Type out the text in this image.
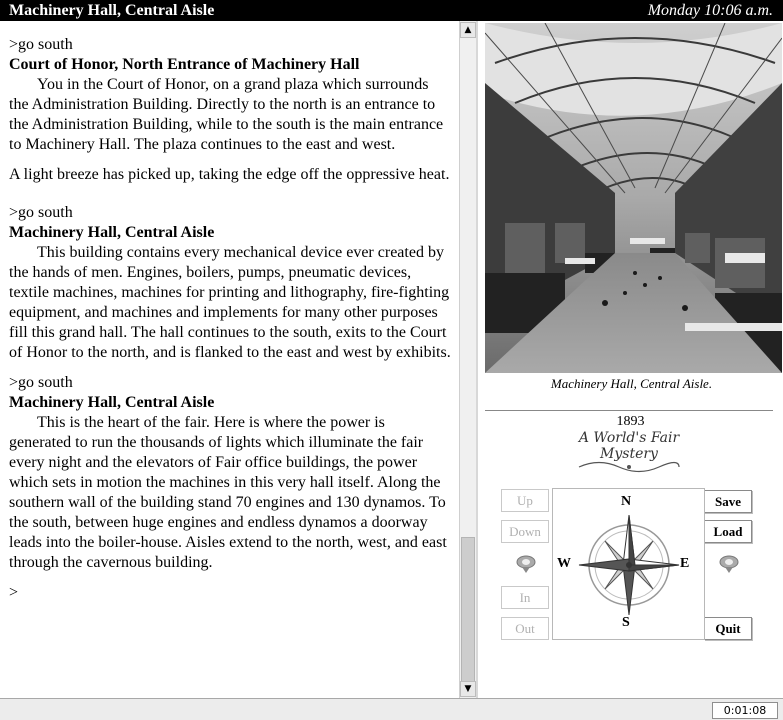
Machinery Hall, Central Aisle	Monday 10:06 a.m.
>go south
Court of Honor, North Entrance of Machinery Hall
You in the Court of Honor, on a grand plaza which surrounds the Administration Building. Directly to the north is an entrance to the Administration Building, while to the south is the main entrance to Machinery Hall. The plaza continues to the east and west.
A light breeze has picked up, taking the edge off the oppressive heat.
>go south
Machinery Hall, Central Aisle
This building contains every mechanical device ever created by the hands of men. Engines, boilers, pumps, pneumatic devices, textile machines, machines for printing and lithography, fire-fighting equipment, and machines and implements for many other purposes fill this grand hall. The hall continues to the south, exits to the Court of Honor to the north, and is flanked to the east and west by exhibits.
>go south
Machinery Hall, Central Aisle
This is the heart of the fair. Here is where the power is generated to run the thousands of lights which illuminate the fair every night and the elevators of Fair office buildings, the power which sets in motion the machines in this very hall itself. Along the southern wall of the building stand 70 engines and 130 dynamos. To the south, between huge engines and endless dynamos a doorway leads into the boiler-house. Aisles extend to the north, west, and east through the cavernous building.
>
▲
▼
Machinery Hall, Central Aisle.
1893
A World's Fair Mystery
Up
Down
In
Out
Save
Load
Quit
N
S
W	E
0:01:08
